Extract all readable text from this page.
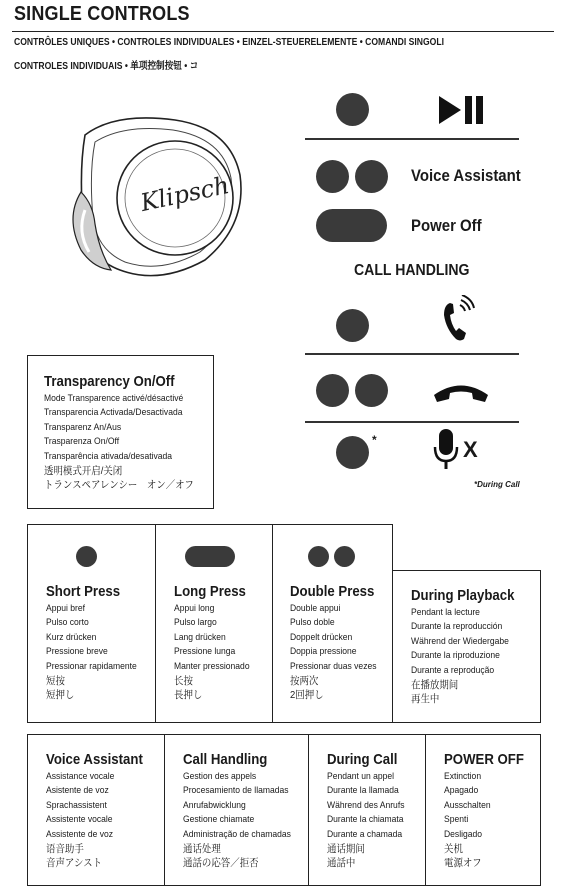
SINGLE CONTROLS
CONTRÔLES UNIQUES • CONTROLES INDIVIDUALES • EINZEL-STEUERELEMENTE • COMANDI SINGOLI
CONTROLES INDIVIDUAIS • 单项控制按钮 • コ
Klipsch	Voice Assistant
Power Off
CALL HANDLING
*	X
*During Call
Transparency On/Off
Mode Transparence activé/désactivé
Transparencia Activada/Desactivada
Transparenz An/Aus
Trasparenza On/Off
Transparência ativada/desativada
透明模式开启/关闭
トランスペアレンシー　オン／オフ
Short Press
Appui bref
Pulso corto
Kurz drücken
Pressione breve
Pressionar rapidamente
短按
短押し
Long Press
Appui long
Pulso largo
Lang drücken
Pressione lunga
Manter pressionado
长按
長押し
Double Press
Double appui
Pulso doble
Doppelt drücken
Doppia pressione
Pressionar duas vezes
按两次
2回押し
During Playback
Pendant la lecture
Durante la reproducción
Während der Wiedergabe
Durante la riproduzione
Durante a reprodução
在播放期间
再生中
Voice Assistant
Assistance vocale
Asistente de voz
Sprachassistent
Assistente vocale
Assistente de voz
语音助手
音声アシスト
Call Handling
Gestion des appels
Procesamiento de llamadas
Anrufabwicklung
Gestione chiamate
Administração de chamadas
通话处理
通話の応答／拒否
During Call
Pendant un appel
Durante la llamada
Während des Anrufs
Durante la chiamata
Durante a chamada
通话期间
通話中
POWER OFF
Extinction
Apagado
Ausschalten
Spenti
Desligado
关机
電源オフ
